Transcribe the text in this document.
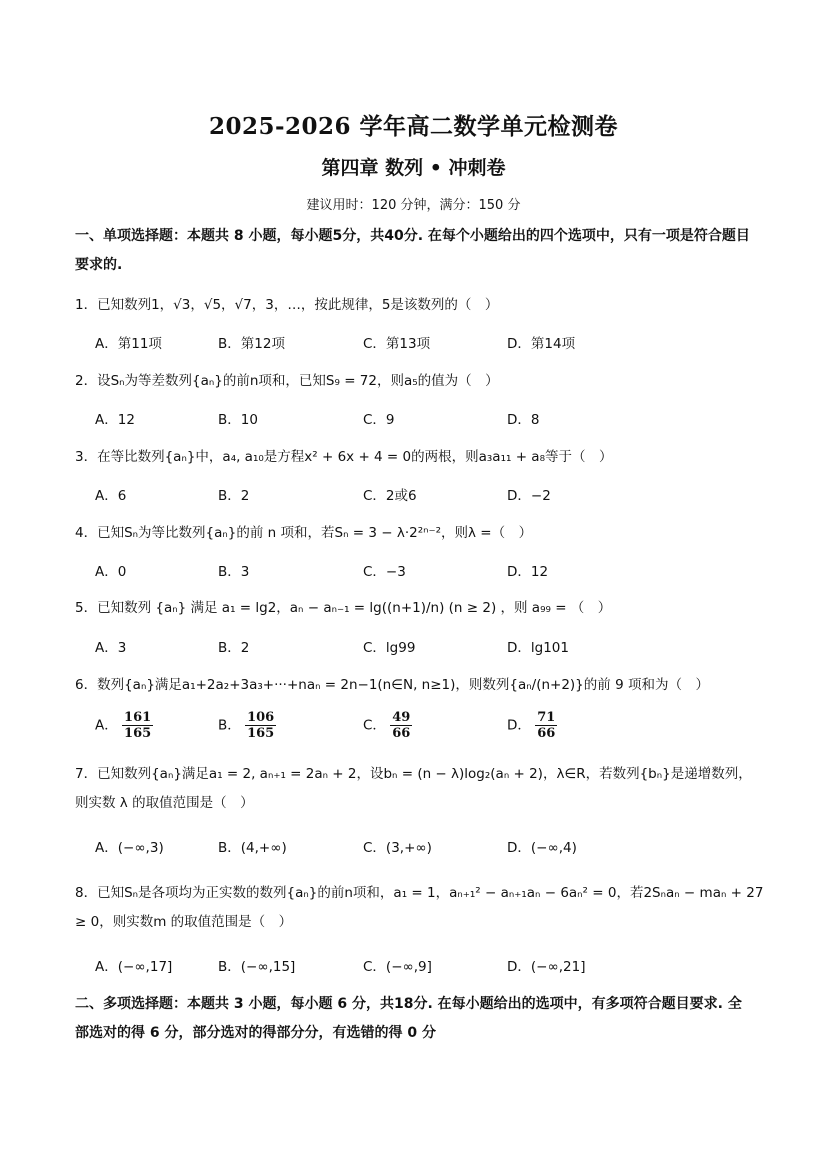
2025-2026 学年高二数学单元检测卷
第四章 数列 • 冲刺卷
建议用时：120 分钟，满分：150 分
一、单项选择题：本题共 8 小题，每小题5分，共40分. 在每个小题给出的四个选项中，只有一项是符合题目要求的.
1．已知数列1，√3，√5，√7，3，…，按此规律，5是该数列的（　）
A．第11项	B．第12项	C．第13项	D．第14项
2．设Sₙ为等差数列{aₙ}的前n项和，已知S₉ = 72，则a₅的值为（　）
A．12	B．10	C．9	D．8
3．在等比数列{aₙ}中，a₄, a₁₀是方程x² + 6x + 4 = 0的两根，则a₃a₁₁ + a₈等于（　）
A．6	B．2	C．2或6	D．−2
4．已知Sₙ为等比数列{aₙ}的前 n 项和，若Sₙ = 3 − λ·2²ⁿ⁻²，则λ =（　）
A．0	B．3	C．−3	D．12
5．已知数列 {aₙ} 满足 a₁ = lg2，aₙ − aₙ₋₁ = lg((n+1)/n) (n ≥ 2) ，则 a₉₉ = （　）
A．3	B．2	C．lg99	D．lg101
6．数列{aₙ}满足a₁+2a₂+3a₃+···+naₙ = 2n−1(n∈N, n≥1)，则数列{aₙ/(n+2)}的前 9 项和为（　）
A． $\frac{161}{165}$	B． $\frac{106}{165}$	C． $\frac{49}{66}$	D． $\frac{71}{66}$
7．已知数列{aₙ}满足a₁ = 2, aₙ₊₁ = 2aₙ + 2，设bₙ = (n − λ)log₂(aₙ + 2)，λ∈R，若数列{bₙ}是递增数列，则实数 λ 的取值范围是（　）
A．(−∞,3)	B．(4,+∞)	C．(3,+∞)	D．(−∞,4)
8．已知Sₙ是各项均为正实数的数列{aₙ}的前n项和，a₁ = 1，aₙ₊₁² − aₙ₊₁aₙ − 6aₙ² = 0，若2Sₙaₙ − maₙ + 27 ≥ 0，则实数m 的取值范围是（　）
A．(−∞,17]	B．(−∞,15]	C．(−∞,9]	D．(−∞,21]
二、多项选择题：本题共 3 小题，每小题 6 分，共18分. 在每小题给出的选项中，有多项符合题目要求. 全部选对的得 6 分，部分选对的得部分分，有选错的得 0 分
